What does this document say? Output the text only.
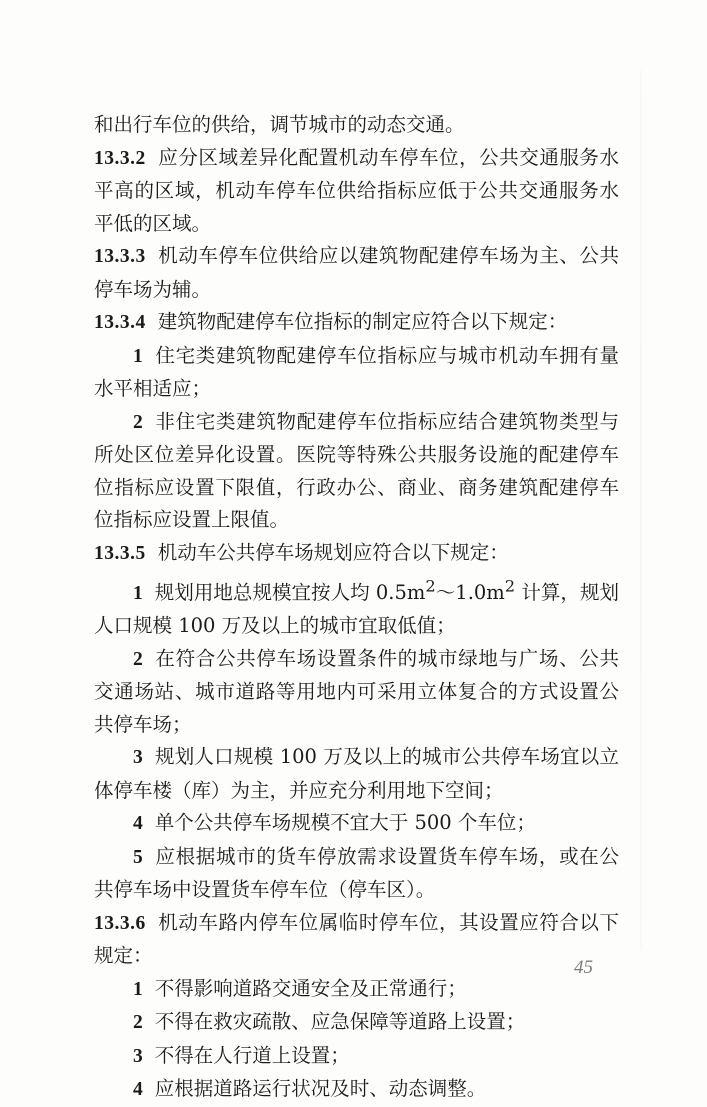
和出行车位的供给，调节城市的动态交通。

13.3.2 应分区域差异化配置机动车停车位，公共交通服务水平高的区域，机动车停车位供给指标应低于公共交通服务水平低的区域。

13.3.3 机动车停车位供给应以建筑物配建停车场为主、公共停车场为辅。

13.3.4 建筑物配建停车位指标的制定应符合以下规定：

1 住宅类建筑物配建停车位指标应与城市机动车拥有量水平相适应；

2 非住宅类建筑物配建停车位指标应结合建筑物类型与所处区位差异化设置。医院等特殊公共服务设施的配建停车位指标应设置下限值，行政办公、商业、商务建筑配建停车位指标应设置上限值。

13.3.5 机动车公共停车场规划应符合以下规定：

1 规划用地总规模宜按人均 $0.5m^2\sim 1.0m^2$ 计算，规划人口规模 100 万及以上的城市宜取低值；

2 在符合公共停车场设置条件的城市绿地与广场、公共交通场站、城市道路等用地内可采用立体复合的方式设置公共停车场；

3 规划人口规模 100 万及以上的城市公共停车场宜以立体停车楼（库）为主，并应充分利用地下空间；

4 单个公共停车场规模不宜大于 500 个车位；

5 应根据城市的货车停放需求设置货车停车场，或在公共停车场中设置货车停车位（停车区）。

13.3.6 机动车路内停车位属临时停车位，其设置应符合以下规定：

1 不得影响道路交通安全及正常通行；

2 不得在救灾疏散、应急保障等道路上设置；

3 不得在人行道上设置；

4 应根据道路运行状况及时、动态调整。

45
